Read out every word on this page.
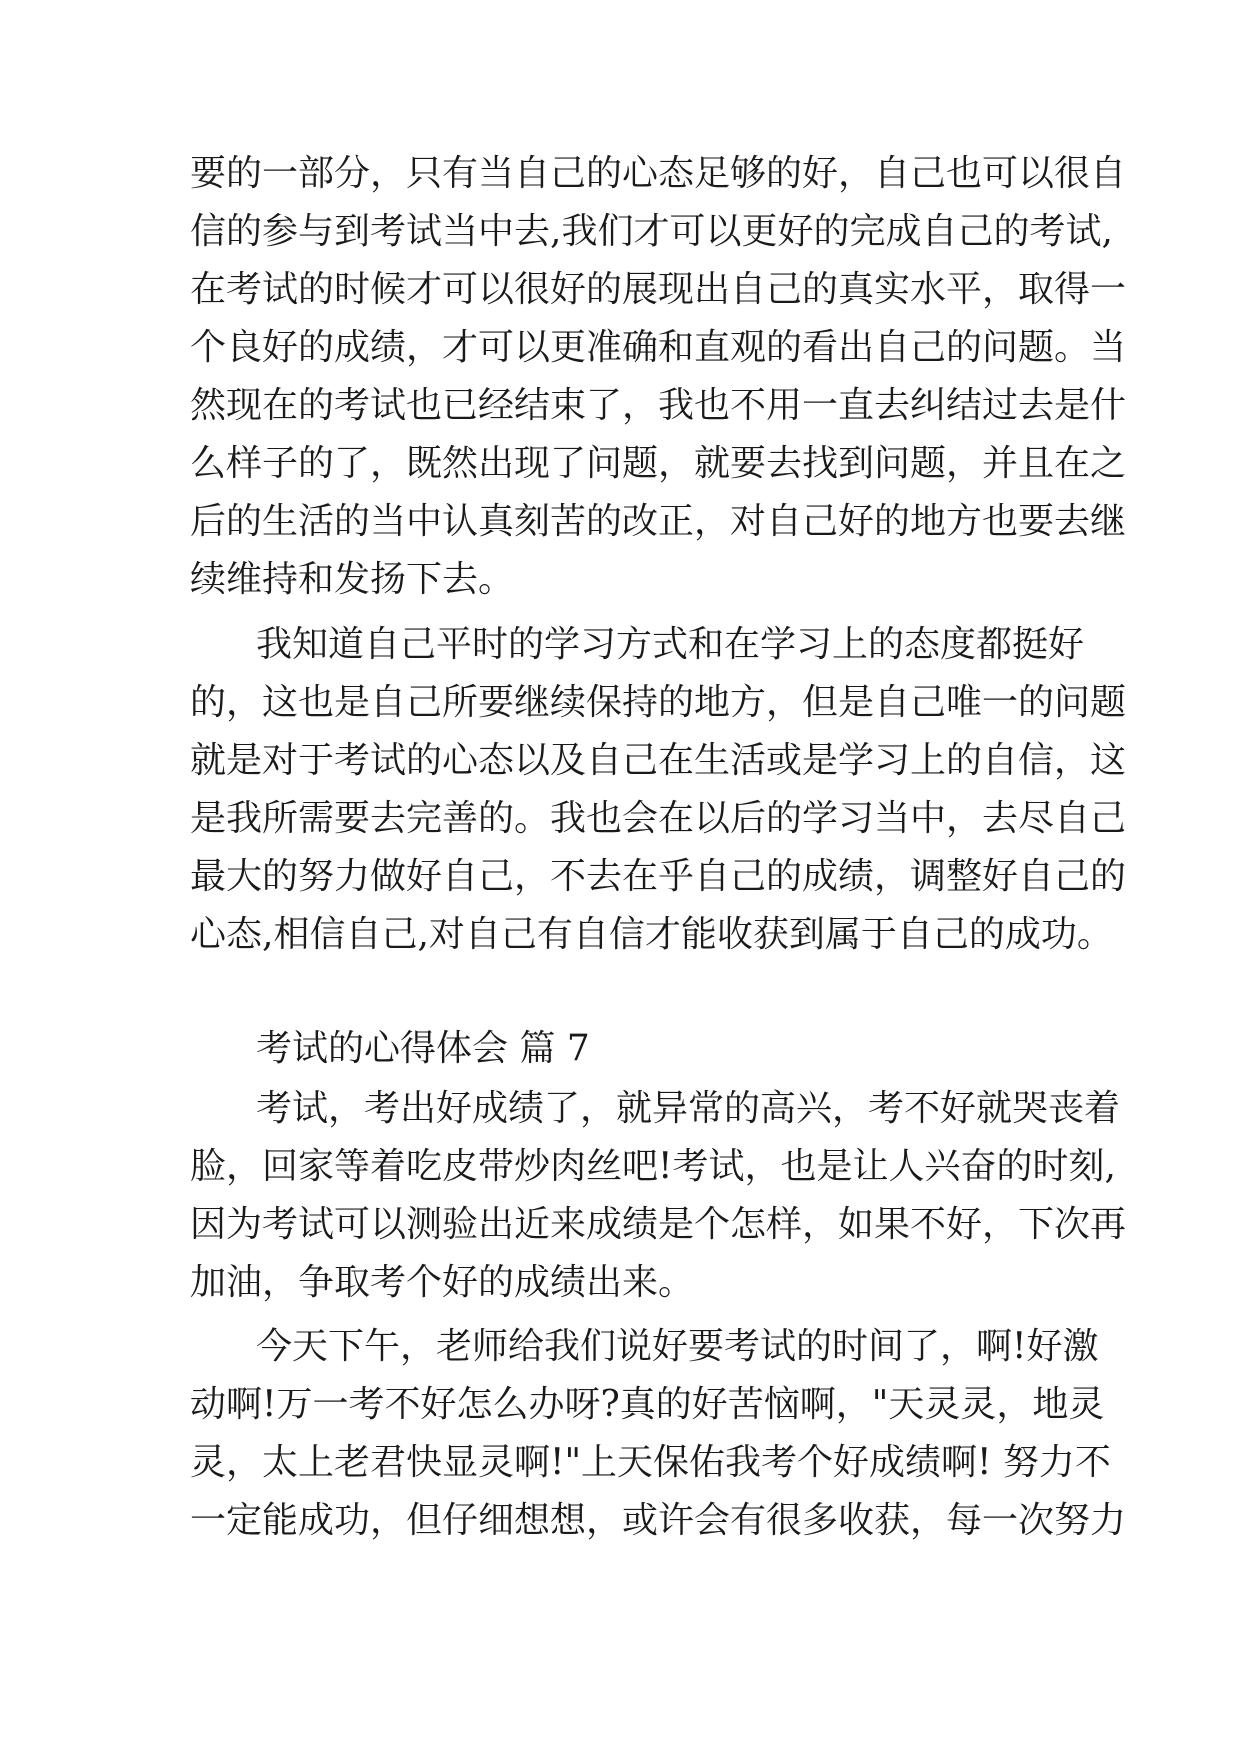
要的一部分，只有当自己的心态足够的好，自己也可以很自

信的参与到考试当中去,我们才可以更好的完成自己的考试,

在考试的时候才可以很好的展现出自己的真实水平，取得一

个良好的成绩，才可以更准确和直观的看出自己的问题。当

然现在的考试也已经结束了，我也不用一直去纠结过去是什

么样子的了，既然出现了问题，就要去找到问题，并且在之

后的生活的当中认真刻苦的改正，对自己好的地方也要去继

续维持和发扬下去。

我知道自己平时的学习方式和在学习上的态度都挺好

的，这也是自己所要继续保持的地方，但是自己唯一的问题

就是对于考试的心态以及自己在生活或是学习上的自信，这

是我所需要去完善的。我也会在以后的学习当中，去尽自己

最大的努力做好自己，不去在乎自己的成绩，调整好自己的

心态,相信自己,对自己有自信才能收获到属于自己的成功。

考试的心得体会 篇 7

考试，考出好成绩了，就异常的高兴，考不好就哭丧着

脸，回家等着吃皮带炒肉丝吧!考试，也是让人兴奋的时刻,

因为考试可以测验出近来成绩是个怎样，如果不好，下次再

加油，争取考个好的成绩出来。

今天下午，老师给我们说好要考试的时间了，啊!好激

动啊!万一考不好怎么办呀?真的好苦恼啊，"天灵灵，地灵

灵，太上老君快显灵啊!"上天保佑我考个好成绩啊! 努力不

一定能成功，但仔细想想，或许会有很多收获，每一次努力
